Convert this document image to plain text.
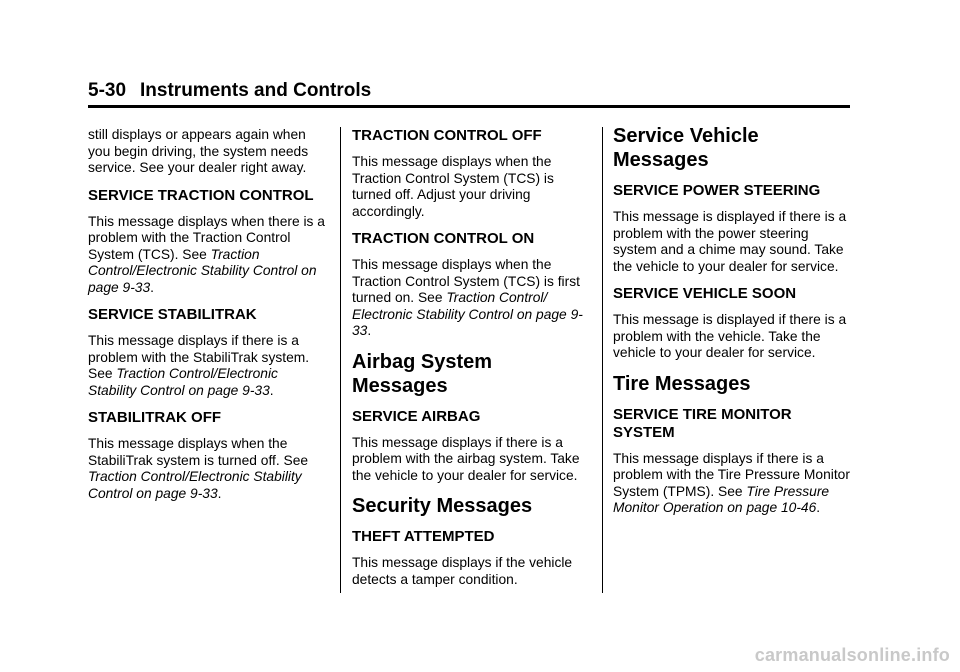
5-30 Instruments and Controls

still displays or appears again when you begin driving, the system needs service. See your dealer right away.

SERVICE TRACTION CONTROL

This message displays when there is a problem with the Traction Control System (TCS). See Traction Control/Electronic Stability Control on page 9-33.

SERVICE STABILITRAK

This message displays if there is a problem with the StabiliTrak system. See Traction Control/Electronic Stability Control on page 9-33.

STABILITRAK OFF

This message displays when the StabiliTrak system is turned off. See Traction Control/Electronic Stability Control on page 9-33.

TRACTION CONTROL OFF

This message displays when the Traction Control System (TCS) is turned off. Adjust your driving accordingly.

TRACTION CONTROL ON

This message displays when the Traction Control System (TCS) is first turned on. See Traction Control/ Electronic Stability Control on page 9-33.

Airbag System Messages
SERVICE AIRBAG

This message displays if there is a problem with the airbag system. Take the vehicle to your dealer for service.

Security Messages
THEFT ATTEMPTED

This message displays if the vehicle detects a tamper condition.

Service Vehicle Messages
SERVICE POWER STEERING

This message is displayed if there is a problem with the power steering system and a chime may sound. Take the vehicle to your dealer for service.

SERVICE VEHICLE SOON

This message is displayed if there is a problem with the vehicle. Take the vehicle to your dealer for service.

Tire Messages
SERVICE TIRE MONITOR SYSTEM

This message displays if there is a problem with the Tire Pressure Monitor System (TPMS). See Tire Pressure Monitor Operation on page 10-46.

carmanualsonline.info
